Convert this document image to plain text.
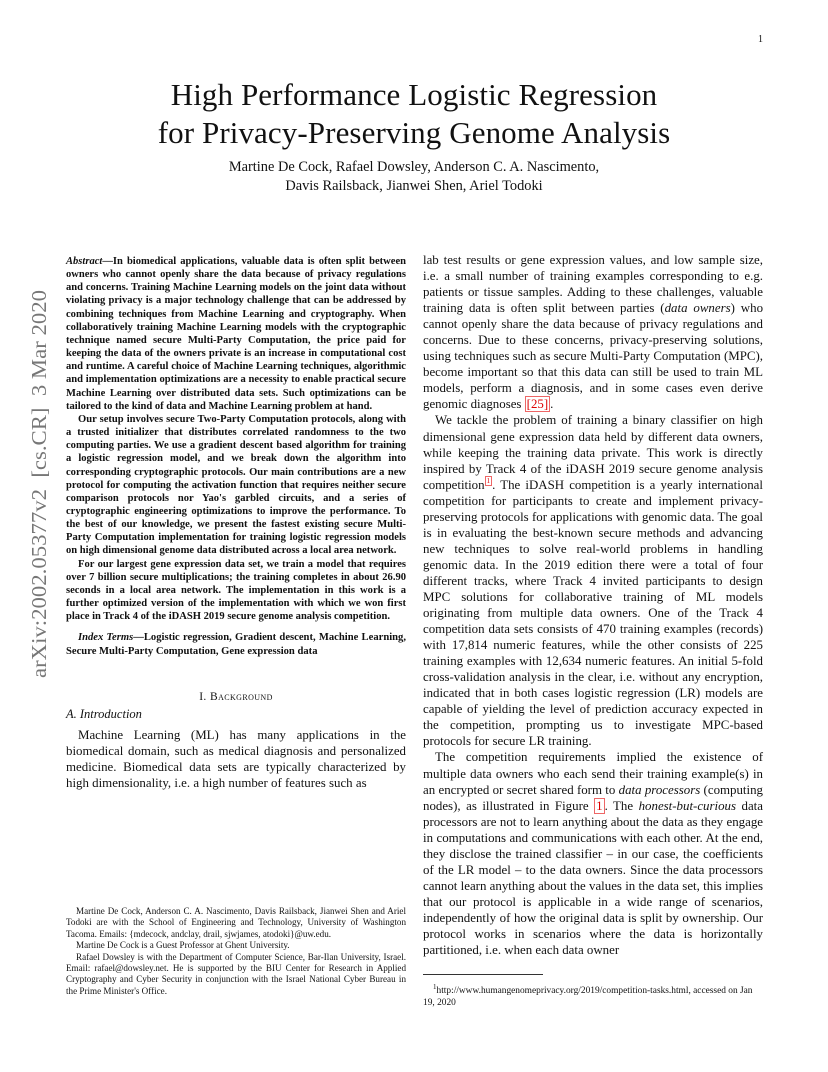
1
arXiv:2002.05377v2  [cs.CR]  3 Mar 2020
High Performance Logistic Regression
for Privacy-Preserving Genome Analysis
Martine De Cock, Rafael Dowsley, Anderson C. A. Nascimento,
Davis Railsback, Jianwei Shen, Ariel Todoki

Abstract—In biomedical applications, valuable data is often split between owners who cannot openly share the data because of privacy regulations and concerns. Training Machine Learning models on the joint data without violating privacy is a major technology challenge that can be addressed by combining techniques from Machine Learning and cryptography. When collaboratively training Machine Learning models with the cryptographic technique named secure Multi-Party Computation, the price paid for keeping the data of the owners private is an increase in computational cost and runtime. A careful choice of Machine Learning techniques, algorithmic and implementation optimizations are a necessity to enable practical secure Machine Learning over distributed data sets. Such optimizations can be tailored to the kind of data and Machine Learning problem at hand.

Our setup involves secure Two-Party Computation protocols, along with a trusted initializer that distributes correlated randomness to the two computing parties. We use a gradient descent based algorithm for training a logistic regression model, and we break down the algorithm into corresponding cryptographic protocols. Our main contributions are a new protocol for computing the activation function that requires neither secure comparison protocols nor Yao's garbled circuits, and a series of cryptographic engineering optimizations to improve the performance. To the best of our knowledge, we present the fastest existing secure Multi-Party Computation implementation for training logistic regression models on high dimensional genome data distributed across a local area network.

For our largest gene expression data set, we train a model that requires over 7 billion secure multiplications; the training completes in about 26.90 seconds in a local area network. The implementation in this work is a further optimized version of the implementation with which we won first place in Track 4 of the iDASH 2019 secure genome analysis competition.

Index Terms—Logistic regression, Gradient descent, Machine Learning, Secure Multi-Party Computation, Gene expression data
I. Background
A. Introduction

Machine Learning (ML) has many applications in the biomedical domain, such as medical diagnosis and personalized medicine. Biomedical data sets are typically characterized by high dimensionality, i.e. a high number of features such as

Martine De Cock, Anderson C. A. Nascimento, Davis Railsback, Jianwei Shen and Ariel Todoki are with the School of Engineering and Technology, University of Washington Tacoma. Emails: {mdecock, andclay, drail, sjwjames, atodoki}@uw.edu.

Martine De Cock is a Guest Professor at Ghent University.

Rafael Dowsley is with the Department of Computer Science, Bar-Ilan University, Israel. Email: rafael@dowsley.net. He is supported by the BIU Center for Research in Applied Cryptography and Cyber Security in conjunction with the Israel National Cyber Bureau in the Prime Minister's Office.

lab test results or gene expression values, and low sample size, i.e. a small number of training examples corresponding to e.g. patients or tissue samples. Adding to these challenges, valuable training data is often split between parties (data owners) who cannot openly share the data because of privacy regulations and concerns. Due to these concerns, privacy-preserving solutions, using techniques such as secure Multi-Party Computation (MPC), become important so that this data can still be used to train ML models, perform a diagnosis, and in some cases even derive genomic diagnoses [25] .

We tackle the problem of training a binary classifier on high dimensional gene expression data held by different data owners, while keeping the training data private. This work is directly inspired by Track 4 of the iDASH 2019 secure genome analysis competition $^1$ . The iDASH competition is a yearly international competition for participants to create and implement privacy-preserving protocols for applications with genomic data. The goal is in evaluating the best-known secure methods and advancing new techniques to solve real-world problems in handling genomic data. In the 2019 edition there were a total of four different tracks, where Track 4 invited participants to design MPC solutions for collaborative training of ML models originating from multiple data owners. One of the Track 4 competition data sets consists of 470 training examples (records) with 17,814 numeric features, while the other consists of 225 training examples with 12,634 numeric features. An initial 5-fold cross-validation analysis in the clear, i.e. without any encryption, indicated that in both cases logistic regression (LR) models are capable of yielding the level of prediction accuracy expected in the competition, prompting us to investigate MPC-based protocols for secure LR training.

The competition requirements implied the existence of multiple data owners who each send their training example(s) in an encrypted or secret shared form to data processors (computing nodes), as illustrated in Figure 1 . The honest-but-curious data processors are not to learn anything about the data as they engage in computations and communications with each other. At the end, they disclose the trained classifier – in our case, the coefficients of the LR model – to the data owners. Since the data processors cannot learn anything about the values in the data set, this implies that our protocol is applicable in a wide range of scenarios, independently of how the original data is split by ownership. Our protocol works in scenarios where the data is horizontally partitioned, i.e. when each data owner

$^1$http://www.humangenomeprivacy.org/2019/competition-tasks.html, accessed on Jan 19, 2020
